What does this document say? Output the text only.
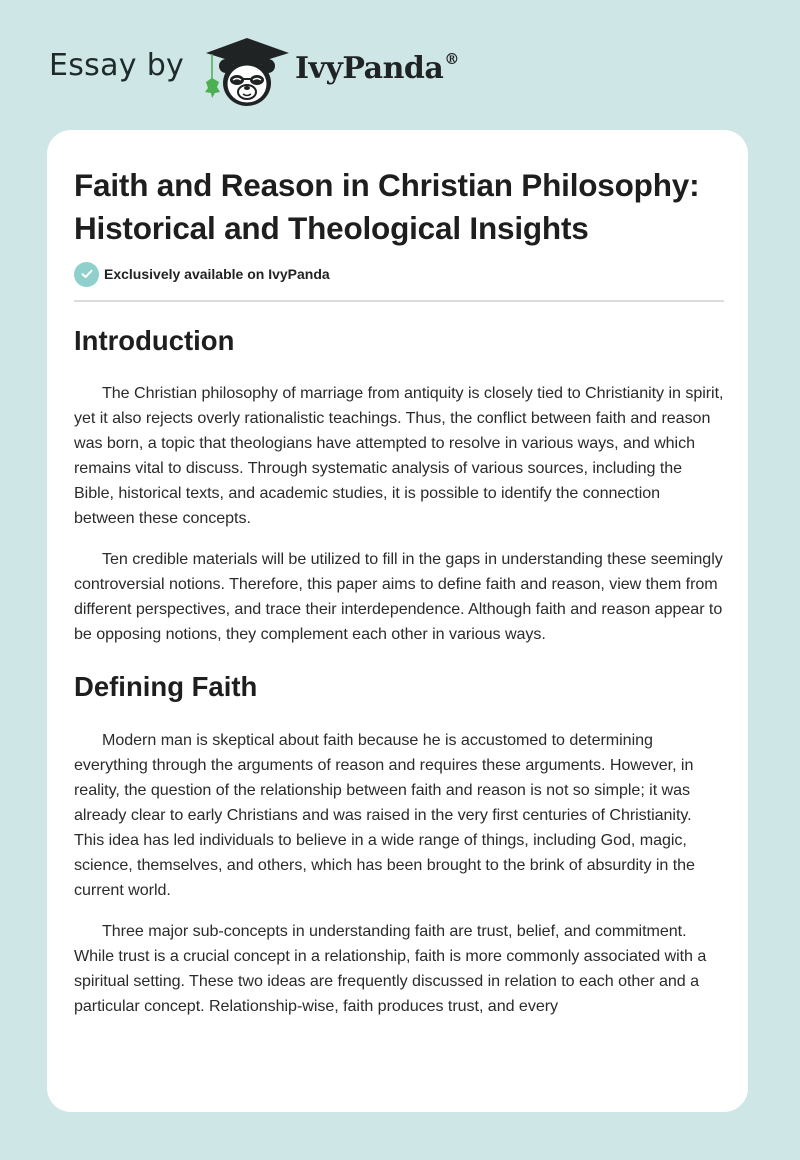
Essay by	IvyPanda®
Faith and Reason in Christian Philosophy: Historical and Theological Insights
Exclusively available on IvyPanda
Introduction

The Christian philosophy of marriage from antiquity is closely tied to Christianity in spirit, yet it also rejects overly rationalistic teachings. Thus, the conflict between faith and reason was born, a topic that theologians have attempted to resolve in various ways, and which remains vital to discuss. Through systematic analysis of various sources, including the Bible, historical texts, and academic studies, it is possible to identify the connection between these concepts.

Ten credible materials will be utilized to fill in the gaps in understanding these seemingly controversial notions. Therefore, this paper aims to define faith and reason, view them from different perspectives, and trace their interdependence. Although faith and reason appear to be opposing notions, they complement each other in various ways.

Defining Faith

Modern man is skeptical about faith because he is accustomed to determining everything through the arguments of reason and requires these arguments. However, in reality, the question of the relationship between faith and reason is not so simple; it was already clear to early Christians and was raised in the very first centuries of Christianity. This idea has led individuals to believe in a wide range of things, including God, magic, science, themselves, and others, which has been brought to the brink of absurdity in the current world.

Three major sub-concepts in understanding faith are trust, belief, and commitment. While trust is a crucial concept in a relationship, faith is more commonly associated with a spiritual setting. These two ideas are frequently discussed in relation to each other and a particular concept. Relationship-wise, faith produces trust, and every
